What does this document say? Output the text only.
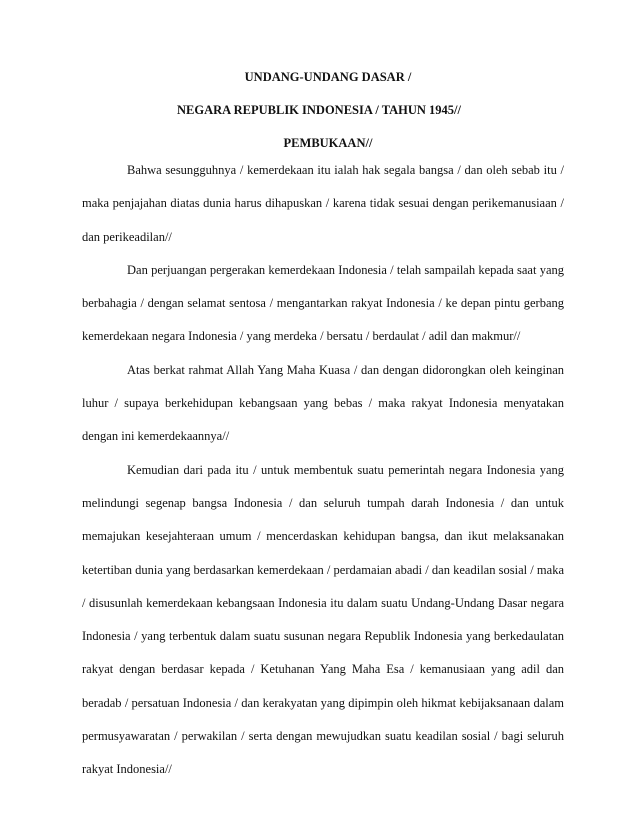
UNDANG-UNDANG DASAR /
NEGARA REPUBLIK INDONESIA / TAHUN 1945//
PEMBUKAAN//

Bahwa sesungguhnya / kemerdekaan itu ialah hak segala bangsa / dan oleh sebab itu / maka penjajahan diatas dunia harus dihapuskan / karena tidak sesuai dengan perikemanusiaan / dan perikeadilan//

Dan perjuangan pergerakan kemerdekaan Indonesia / telah sampailah kepada saat yang berbahagia / dengan selamat sentosa / mengantarkan rakyat Indonesia / ke depan pintu gerbang kemerdekaan negara Indonesia / yang merdeka / bersatu / berdaulat / adil dan makmur//

Atas berkat rahmat Allah Yang Maha Kuasa / dan dengan didorongkan oleh keinginan luhur / supaya berkehidupan kebangsaan yang bebas / maka rakyat Indonesia menyatakan dengan ini kemerdekaannya//

Kemudian dari pada itu / untuk membentuk suatu pemerintah negara Indonesia yang melindungi segenap bangsa Indonesia / dan seluruh tumpah darah Indonesia / dan untuk memajukan kesejahteraan umum / mencerdaskan kehidupan bangsa, dan ikut melaksanakan ketertiban dunia yang berdasarkan kemerdekaan / perdamaian abadi / dan keadilan sosial / maka / disusunlah kemerdekaan kebangsaan Indonesia itu dalam suatu Undang-Undang Dasar negara Indonesia / yang terbentuk dalam suatu susunan negara Republik Indonesia yang berkedaulatan rakyat dengan berdasar kepada / Ketuhanan Yang Maha Esa / kemanusiaan yang adil dan beradab / persatuan Indonesia / dan kerakyatan yang dipimpin oleh hikmat kebijaksanaan dalam permusyawaratan / perwakilan / serta dengan mewujudkan suatu keadilan sosial / bagi seluruh rakyat Indonesia//
